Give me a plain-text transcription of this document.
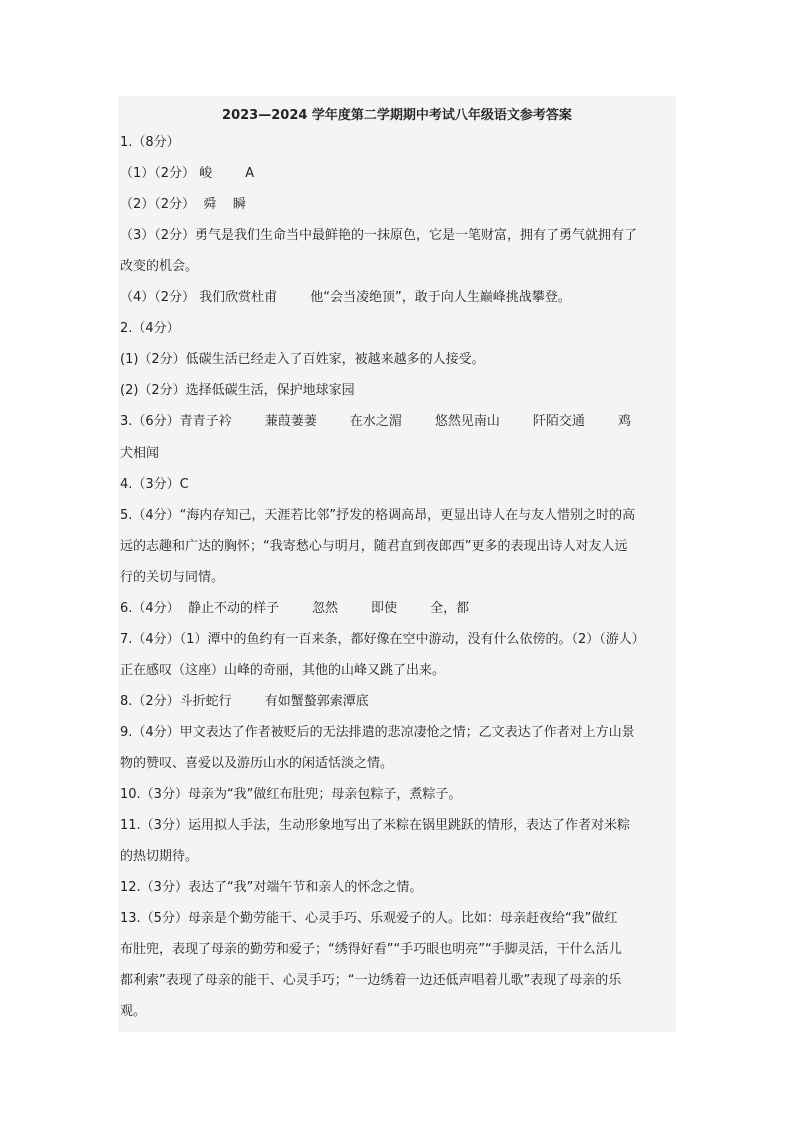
2023—2024 学年度第二学期期中考试八年级语文参考答案
1.（8分）
（1）（2分） 峻        A
（2）（2分）  舜    瞬
（3）（2分）勇气是我们生命当中最鲜艳的一抹原色，它是一笔财富，拥有了勇气就拥有了
改变的机会。
（4）（2分） 我们欣赏杜甫        他“会当凌绝顶”，敢于向人生巅峰挑战攀登。
2.（4分）
(1)（2分）低碳生活已经走入了百姓家，被越来越多的人接受。
(2)（2分）选择低碳生活，保护地球家园
3.（6分）青青子衿        蒹葭萋萋        在水之湄        悠然见南山        阡陌交通        鸡
犬相闻
4.（3分）C
5.（4分）“海内存知己，天涯若比邻”抒发的格调高昂，更显出诗人在与友人惜别之时的高
远的志趣和广达的胸怀；“我寄愁心与明月，随君直到夜郎西”更多的表现出诗人对友人远
行的关切与同情。
6.（4分）  静止不动的样子        忽然        即使        全，都
7.（4分）（1）潭中的鱼约有一百来条，都好像在空中游动，没有什么依傍的。（2）（游人）
正在感叹（这座）山峰的奇丽，其他的山峰又跳了出来。
8.（2分）斗折蛇行        有如蟹螯郭索潭底
9.（4分）甲文表达了作者被贬后的无法排遣的悲凉凄怆之情；乙文表达了作者对上方山景
物的赞叹、喜爱以及游历山水的闲适恬淡之情。
10.（3分）母亲为“我”做红布肚兜；母亲包粽子，煮粽子。
11.（3分）运用拟人手法，生动形象地写出了米粽在锅里跳跃的情形，表达了作者对米粽
的热切期待。
12.（3分）表达了“我”对端午节和亲人的怀念之情。
13.（5分）母亲是个勤劳能干、心灵手巧、乐观爱子的人。比如：母亲赶夜给“我”做红
布肚兜，表现了母亲的勤劳和爱子；“绣得好看”“手巧眼也明亮”“手脚灵活，干什么活儿
都利索”表现了母亲的能干、心灵手巧；“一边绣着一边还低声唱着儿歌”表现了母亲的乐
观。
